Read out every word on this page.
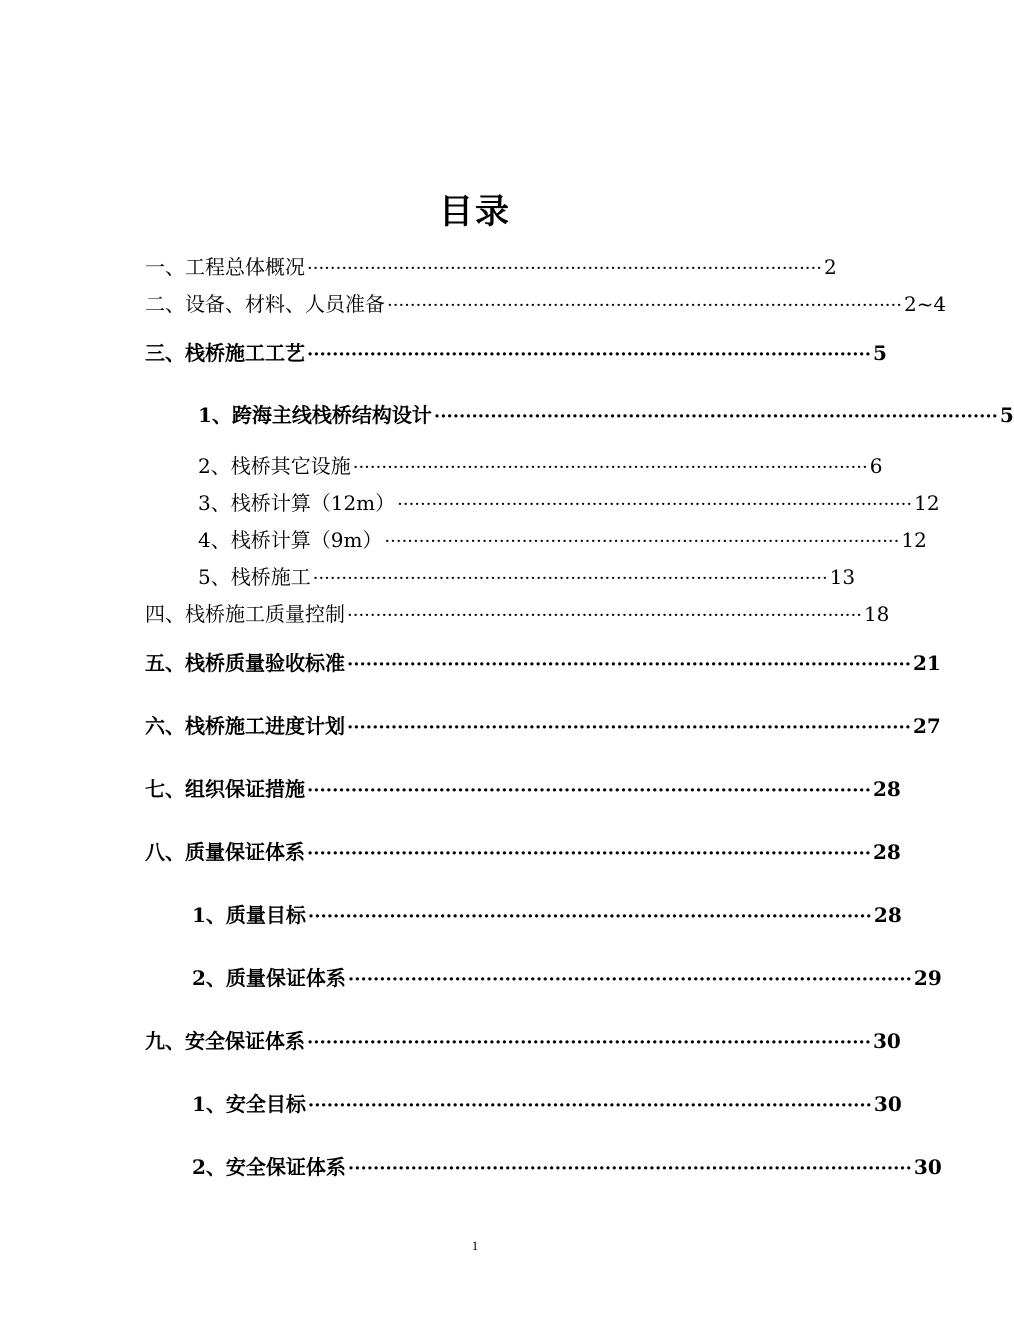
目录
一、工程总体概况 ·························································································· 2
二、设备、材料、人员准备 ·························································································· 2~4
三、栈桥施工工艺 ·························································································· 5
1、跨海主线栈桥结构设计 ·························································································· 5
2、栈桥其它设施 ·························································································· 6
3、栈桥计算（12m） ·························································································· 12
4、栈桥计算（9m） ·························································································· 12
5、栈桥施工 ·························································································· 13
四、栈桥施工质量控制 ·························································································· 18
五、栈桥质量验收标准 ·························································································· 21
六、栈桥施工进度计划 ·························································································· 27
七、组织保证措施 ·························································································· 28
八、质量保证体系 ·························································································· 28
1、质量目标 ·························································································· 28
2、质量保证体系 ·························································································· 29
九、安全保证体系 ·························································································· 30
1、安全目标 ·························································································· 30
2、安全保证体系 ·························································································· 30
1
